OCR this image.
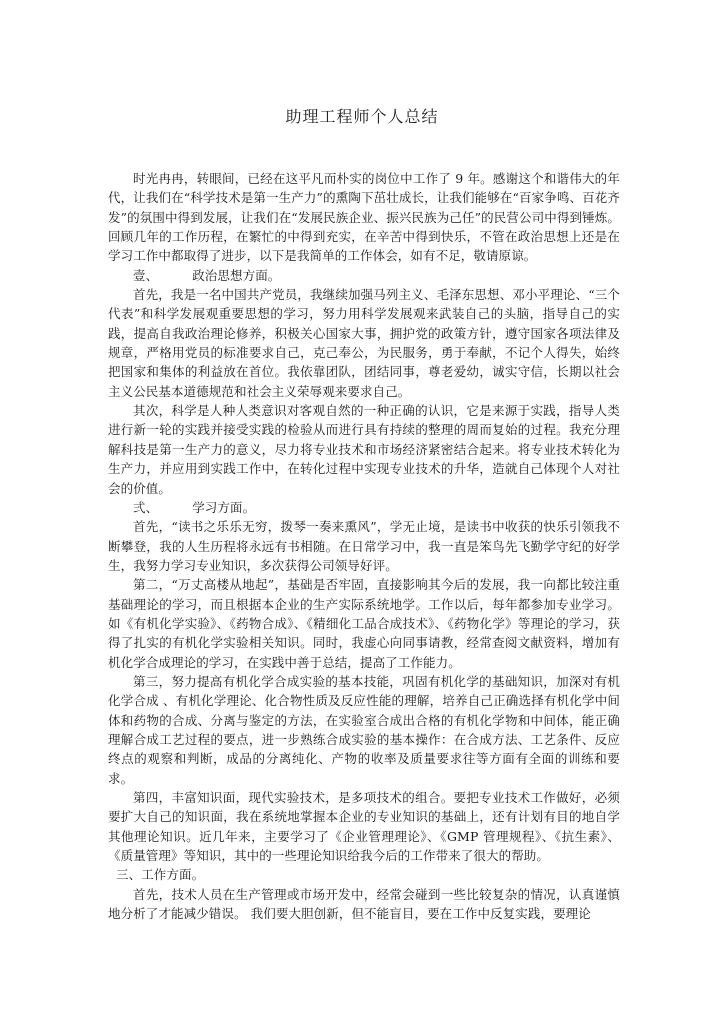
助理工程师个人总结

时光冉冉，转眼间，已经在这平凡而朴实的岗位中工作了 9 年。感谢这个和谐伟大的年代，让我们在“科学技术是第一生产力”的熏陶下茁壮成长，让我们能够在“百家争鸣、百花齐发”的氛围中得到发展，让我们在“发展民族企业、振兴民族为己任”的民营公司中得到锤炼。回顾几年的工作历程，在繁忙的中得到充实，在辛苦中得到快乐，不管在政治思想上还是在学习工作中都取得了进步，以下是我简单的工作体会，如有不足，敬请原谅。

壹、	政治思想方面。

首先，我是一名中国共产党员，我继续加强马列主义、毛泽东思想、邓小平理论、“三个代表”和科学发展观重要思想的学习，努力用科学发展观来武装自己的头脑，指导自己的实践，提高自我政治理论修养，积极关心国家大事，拥护党的政策方针，遵守国家各项法律及规章，严格用党员的标准要求自己，克己奉公，为民服务，勇于奉献，不记个人得失，始终把国家和集体的利益放在首位。我依靠团队，团结同事，尊老爱幼，诚实守信，长期以社会主义公民基本道德规范和社会主义荣辱观来要求自己。

其次，科学是人种人类意识对客观自然的一种正确的认识，它是来源于实践，指导人类进行新一轮的实践并接受实践的检验从而进行具有持续的整理的周而复始的过程。我充分理解科技是第一生产力的意义，尽力将专业技术和市场经济紧密结合起来。将专业技术转化为生产力，并应用到实践工作中，在转化过程中实现专业技术的升华，造就自己体现个人对社会的价值。

弍、	学习方面。

首先，“读书之乐乐无穷，拨琴一奏来熏风”，学无止境，是读书中收获的快乐引领我不断攀登，我的人生历程将永远有书相随。在日常学习中，我一直是笨鸟先飞勤学守纪的好学生，我努力学习专业知识，多次获得公司领导好评。

第二，“万丈高楼从地起”，基础是否牢固，直接影响其今后的发展，我一向都比较注重基础理论的学习，而且根据本企业的生产实际系统地学。工作以后，每年都参加专业学习。如《有机化学实验》、《药物合成》、《精细化工品合成技术》、《药物化学》等理论的学习，获得了扎实的有机化学实验相关知识。同时，我虚心向同事请教，经常查阅文献资料，增加有机化学合成理论的学习，在实践中善于总结，提高了工作能力。

第三，努力提高有机化学合成实验的基本技能，巩固有机化学的基础知识，加深对有机化学合成 、有机化学理论、化合物性质及反应性能的理解，培养自己正确选择有机化学中间体和药物的合成、分离与鉴定的方法，在实验室合成出合格的有机化学物和中间体，能正确理解合成工艺过程的要点，进一步熟练合成实验的基本操作：在合成方法、工艺条件、反应终点的观察和判断，成品的分离纯化、产物的收率及质量要求往等方面有全面的训练和要求。

第四，丰富知识面，现代实验技术，是多项技术的组合。要把专业技术工作做好，必须要扩大自己的知识面，我在系统地掌握本企业的专业知识的基础上，还有计划有目的地自学其他理论知识。近几年来，主要学习了《企业管理理论》、《GMP 管理规程》、《抗生素》、《质量管理》等知识，其中的一些理论知识给我今后的工作带来了很大的帮助。

三、工作方面。

首先，技术人员在生产管理或市场开发中，经常会碰到一些比较复杂的情况，认真谨慎地分析了才能减少错误。 我们要大胆创新，但不能盲目，要在工作中反复实践，要理论
